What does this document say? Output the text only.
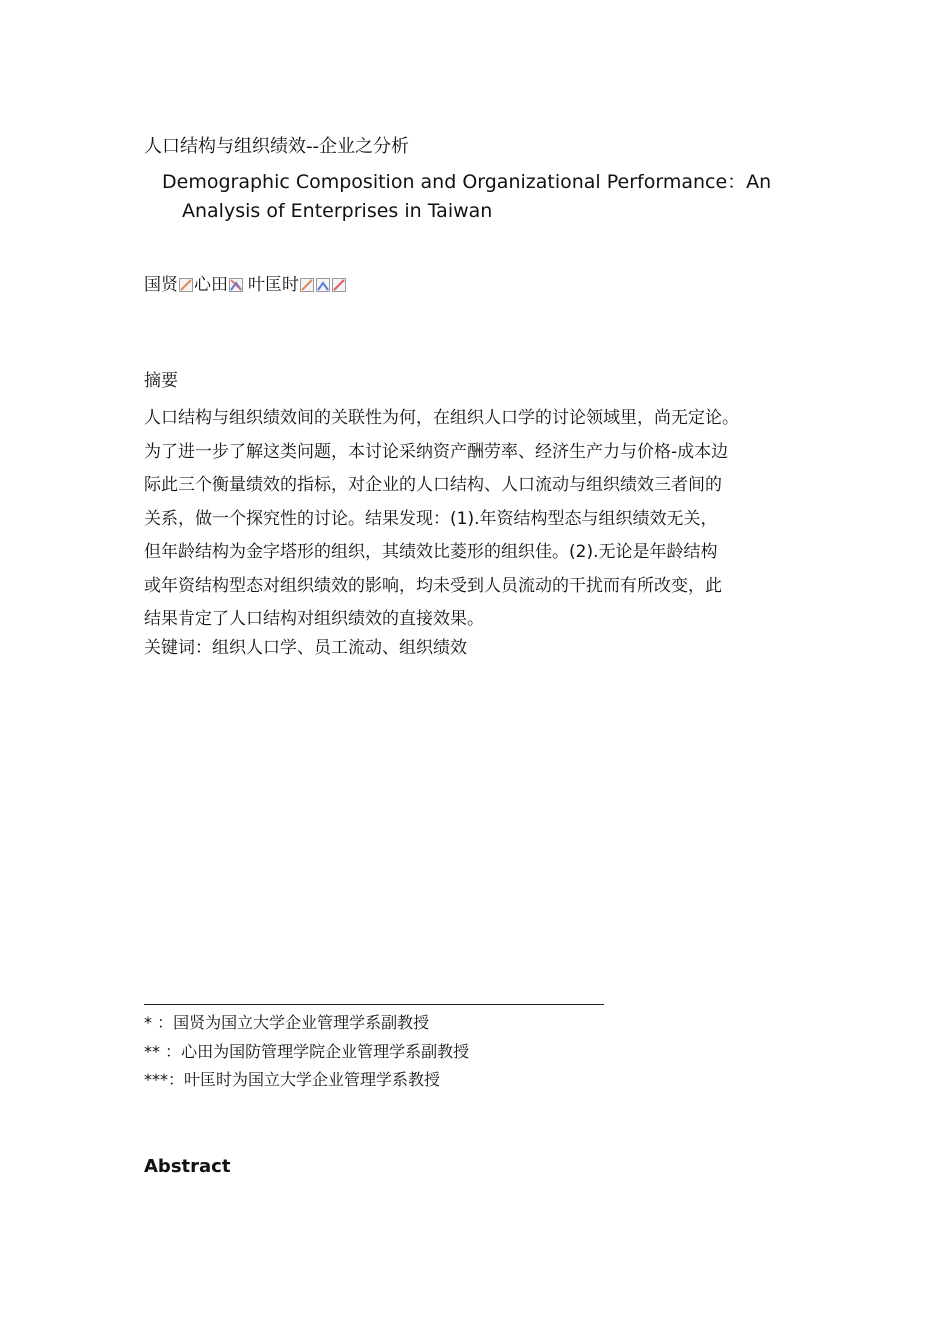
人口结构与组织绩效--企业之分析
Demographic Composition and Organizational Performance：An
Analysis of Enterprises in Taiwan
国贤 心田 叶匡时
摘要
人口结构与组织绩效间的关联性为何，在组织人口学的讨论领域里，尚无定论。
为了进一步了解这类问题，本讨论采纳资产酬劳率、经济生产力与价格-成本边
际此三个衡量绩效的指标，对企业的人口结构、人口流动与组织绩效三者间的
关系，做一个探究性的讨论。结果发现：(1).年资结构型态与组织绩效无关，
但年龄结构为金字塔形的组织，其绩效比菱形的组织佳。(2).无论是年龄结构
或年资结构型态对组织绩效的影响，均未受到人员流动的干扰而有所改变，此
结果肯定了人口结构对组织绩效的直接效果。
关键词：组织人口学、员工流动、组织绩效
* ：国贤为国立大学企业管理学系副教授
** ：心田为国防管理学院企业管理学系副教授
***：叶匡时为国立大学企业管理学系教授
Abstract
